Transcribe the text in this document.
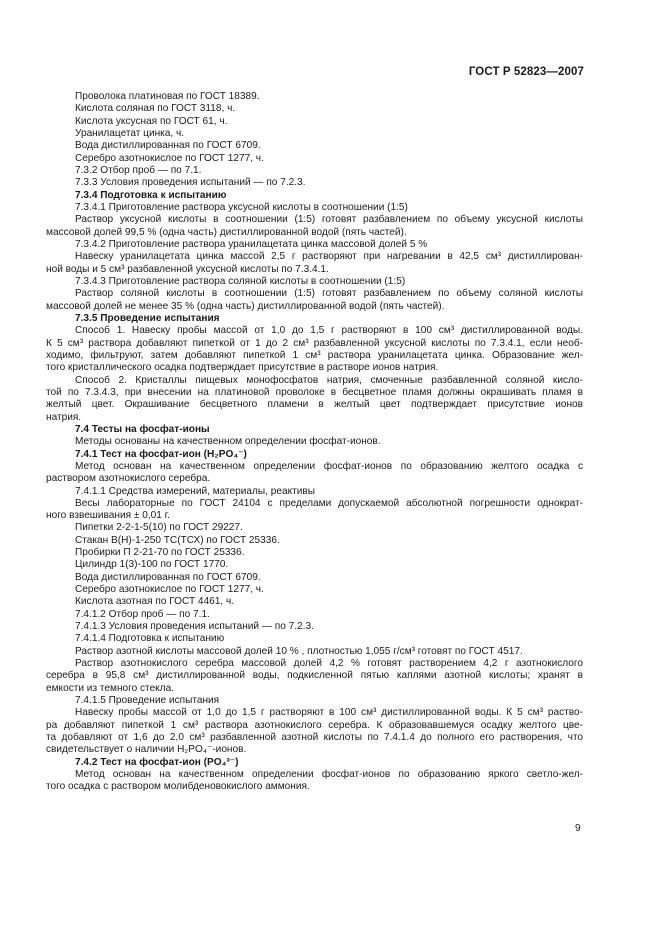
ГОСТ Р 52823—2007
Проволока платиновая по ГОСТ 18389.
Кислота соляная по ГОСТ 3118, ч.
Кислота уксусная по ГОСТ 61, ч.
Уранилацетат цинка, ч.
Вода дистиллированная по ГОСТ 6709.
Серебро азотнокислое по ГОСТ 1277, ч.
7.3.2 Отбор проб — по 7.1.
7.3.3 Условия проведения испытаний — по 7.2.3.
7.3.4 Подготовка к испытанию
7.3.4.1 Приготовление раствора уксусной кислоты в соотношении (1:5)
Раствор уксусной кислоты в соотношении (1:5) готовят разбавлением по объему уксусной кислоты
массовой долей 99,5 % (одна часть) дистиллированной водой (пять частей).
7.3.4.2 Приготовление раствора уранилацетата цинка массовой долей 5 %
Навеску уранилацетата цинка массой 2,5 г растворяют при нагревании в 42,5 см³ дистиллирован-
ной воды и 5 см³ разбавленной уксусной кислоты по 7.3.4.1.
7.3.4.3 Приготовление раствора соляной кислоты в соотношении (1:5)
Раствор соляной кислоты в соотношении (1:5) готовят разбавлением по объему соляной кислоты
массовой долей не менее 35 % (одна часть) дистиллированной водой (пять частей).
7.3.5 Проведение испытания
Способ 1. Навеску пробы массой от 1,0 до 1,5 г растворяют в 100 см³ дистиллированной воды.
К 5 см³ раствора добавляют пипеткой от 1 до 2 см³ разбавленной уксусной кислоты по 7.3.4.1, если необ-
ходимо, фильтруют, затем добавляют пипеткой 1 см³ раствора уранилацетата цинка. Образование жел-
того кристаллического осадка подтверждает присутствие в растворе ионов натрия.
Способ 2. Кристаллы пищевых монофосфатов натрия, смоченные разбавленной соляной кисло-
той по 7.3.4.3, при внесении на платиновой проволоке в бесцветное пламя должны окрашивать пламя в
желтый цвет. Окрашивание бесцветного пламени в желтый цвет подтверждает присутствие ионов
натрия.
7.4 Тесты на фосфат-ионы
Методы основаны на качественном определении фосфат-ионов.
7.4.1 Тест на фосфат-ион (H₂PO₄⁻)
Метод основан на качественном определении фосфат-ионов по образованию желтого осадка с
раствором азотнокислого серебра.
7.4.1.1 Средства измерений, материалы, реактивы
Весы лабораторные по ГОСТ 24104 с пределами допускаемой абсолютной погрешности однократ-
ного взвешивания ± 0,01 г.
Пипетки 2-2-1-5(10) по ГОСТ 29227.
Стакан В(Н)-1-250 ТС(ТСХ) по ГОСТ 25336.
Пробирки П 2-21-70 по ГОСТ 25336.
Цилиндр 1(3)-100 по ГОСТ 1770.
Вода дистиллированная по ГОСТ 6709.
Серебро азотнокислое по ГОСТ 1277, ч.
Кислота азотная по ГОСТ 4461, ч.
7.4.1.2 Отбор проб — по 7.1.
7.4.1.3 Условия проведения испытаний — по 7.2.3.
7.4.1.4 Подготовка к испытанию
Раствор азотной кислоты массовой долей 10 % , плотностью 1,055 г/см³ готовят по ГОСТ 4517.
Раствор азотнокислого серебра массовой долей 4,2 % готовят растворением 4,2 г азотнокислого
серебра в 95,8 см³ дистиллированной воды, подкисленной пятью каплями азотной кислоты; хранят в
емкости из темного стекла.
7.4.1.5 Проведение испытания
Навеску пробы массой от 1,0 до 1,5 г растворяют в 100 см³ дистиллированной воды. К 5 см³ раство-
ра добавляют пипеткой 1 см³ раствора азотнокислого серебра. К образовавшемуся осадку желтого цве-
та добавляют от 1,6 до 2,0 см³ разбавленной азотной кислоты по 7.4.1.4 до полного его растворения, что
свидетельствует о наличии H₂PO₄⁻-ионов.
7.4.2 Тест на фосфат-ион (PO₄³⁻)
Метод основан на качественном определении фосфат-ионов по образованию яркого светло-жел-
того осадка с раствором молибденовокислого аммония.
9
